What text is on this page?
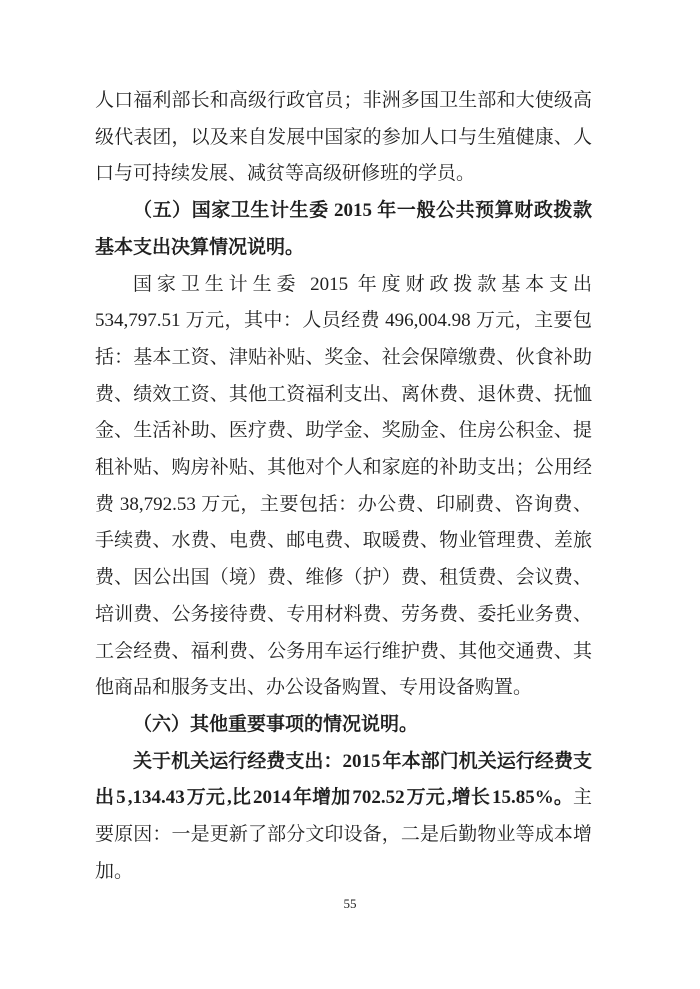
人口福利部长和高级行政官员；非洲多国卫生部和大使级高级代表团，以及来自发展中国家的参加人口与生殖健康、人口与可持续发展、减贫等高级研修班的学员。

（五）国家卫生计生委 2015 年一般公共预算财政拨款基本支出决算情况说明。

国家卫生计生委 2015 年度财政拨款基本支出 534,797.51 万元，其中：人员经费 496,004.98 万元，主要包括：基本工资、津贴补贴、奖金、社会保障缴费、伙食补助费、绩效工资、其他工资福利支出、离休费、退休费、抚恤金、生活补助、医疗费、助学金、奖励金、住房公积金、提租补贴、购房补贴、其他对个人和家庭的补助支出；公用经费 38,792.53 万元，主要包括：办公费、印刷费、咨询费、手续费、水费、电费、邮电费、取暖费、物业管理费、差旅费、因公出国（境）费、维修（护）费、租赁费、会议费、培训费、公务接待费、专用材料费、劳务费、委托业务费、工会经费、福利费、公务用车运行维护费、其他交通费、其他商品和服务支出、办公设备购置、专用设备购置。

（六）其他重要事项的情况说明。

关于机关运行经费支出：2015 年本部门机关运行经费支出 5 ,134.43 万元 ,比 2014 年增加 702.52 万元 ,增长 15.85%。主要原因：一是更新了部分文印设备，二是后勤物业等成本增加。

55
